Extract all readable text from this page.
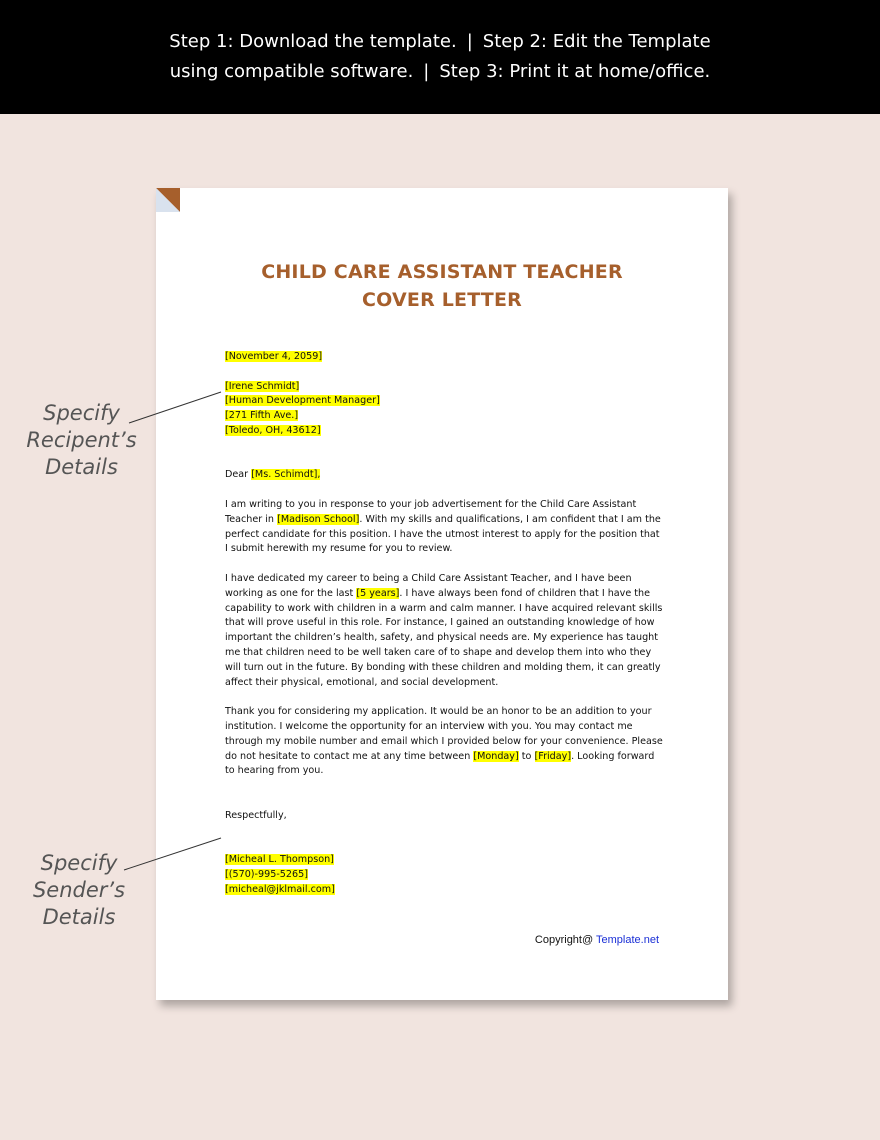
Step 1: Download the template. | Step 2: Edit the Template
using compatible software. | Step 3: Print it at home/office.
CHILD CARE ASSISTANT TEACHER
COVER LETTER

[November 4, 2059]

[Irene Schmidt]

[Human Development Manager]

[271 Fifth Ave.]

[Toledo, OH, 43612]

Dear [Ms. Schimdt],

I am writing to you in response to your job advertisement for the Child Care Assistant Teacher in [Madison School]. With my skills and qualifications, I am confident that I am the perfect candidate for this position. I have the utmost interest to apply for the position that I submit herewith my resume for you to review.

I have dedicated my career to being a Child Care Assistant Teacher, and I have been working as one for the last [5 years]. I have always been fond of children that I have the capability to work with children in a warm and calm manner. I have acquired relevant skills that will prove useful in this role. For instance, I gained an outstanding knowledge of how important the children’s health, safety, and physical needs are. My experience has taught me that children need to be well taken care of to shape and develop them into who they will turn out in the future. By bonding with these children and molding them, it can greatly affect their physical, emotional, and social development.

Thank you for considering my application. It would be an honor to be an addition to your institution. I welcome the opportunity for an interview with you. You may contact me through my mobile number and email which I provided below for your convenience. Please do not hesitate to contact me at any time between [Monday] to [Friday]. Looking forward to hearing from you.

Respectfully,

[Micheal L. Thompson]

[(570)-995-5265]

[micheal@jklmail.com]

Copyright@ Template.net
Specify
Recipent’s
Details
Specify
Sender’s
Details
